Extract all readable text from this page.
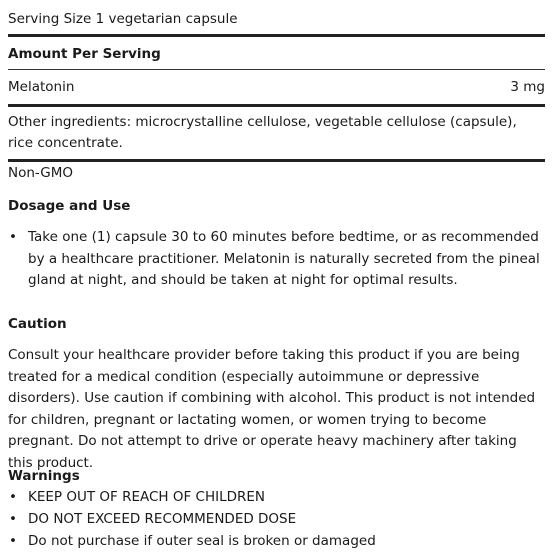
Serving Size 1 vegetarian capsule
Amount Per Serving
Melatonin	3 mg
Other ingredients: microcrystalline cellulose, vegetable cellulose (capsule), rice concentrate.
Non-GMO
Dosage and Use
• Take one (1) capsule 30 to 60 minutes before bedtime, or as recommended by a healthcare practitioner. Melatonin is naturally secreted from the pineal gland at night, and should be taken at night for optimal results.
Caution
Consult your healthcare provider before taking this product if you are being treated for a medical condition (especially autoimmune or depressive disorders). Use caution if combining with alcohol. This product is not intended for children, pregnant or lactating women, or women trying to become pregnant. Do not attempt to drive or operate heavy machinery after taking this product.
Warnings
• KEEP OUT OF REACH OF CHILDREN
• DO NOT EXCEED RECOMMENDED DOSE
• Do not purchase if outer seal is broken or damaged
